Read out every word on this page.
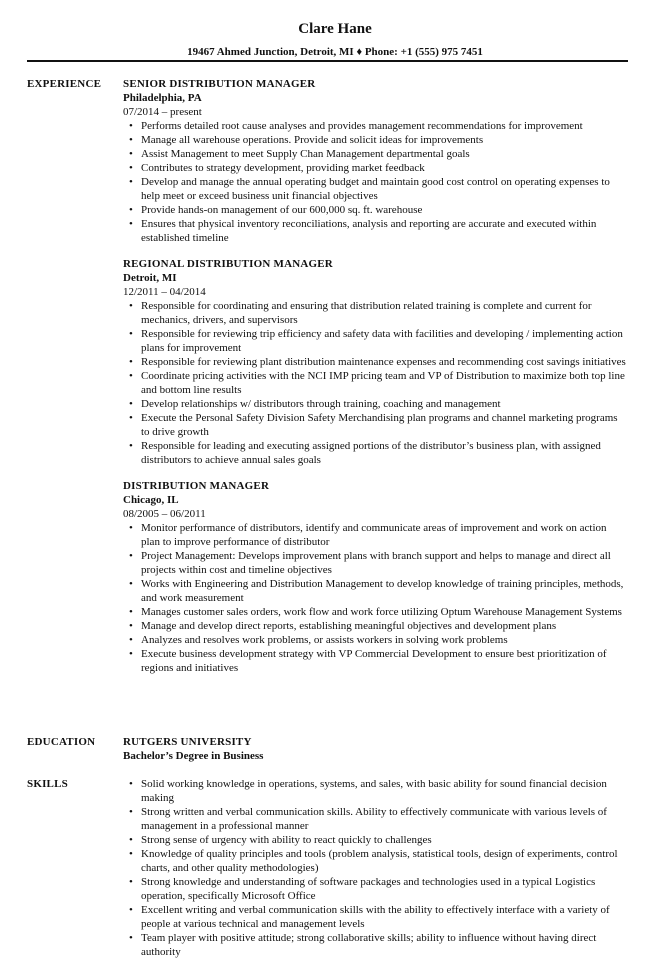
Clare Hane
19467 Ahmed Junction, Detroit, MI ♦ Phone: +1 (555) 975 7451
EXPERIENCE	SENIOR DISTRIBUTION MANAGER
Philadelphia, PA
07/2014 – present
• Performs detailed root cause analyses and provides management recommendations for improvement
• Manage all warehouse operations. Provide and solicit ideas for improvements
• Assist Management to meet Supply Chan Management departmental goals
• Contributes to strategy development, providing market feedback
• Develop and manage the annual operating budget and maintain good cost control on operating expenses to help meet or exceed business unit financial objectives
• Provide hands-on management of our 600,000 sq. ft. warehouse
• Ensures that physical inventory reconciliations, analysis and reporting are accurate and executed within established timeline
REGIONAL DISTRIBUTION MANAGER
Detroit, MI
12/2011 – 04/2014
• Responsible for coordinating and ensuring that distribution related training is complete and current for mechanics, drivers, and supervisors
• Responsible for reviewing trip efficiency and safety data with facilities and developing / implementing action plans for improvement
• Responsible for reviewing plant distribution maintenance expenses and recommending cost savings initiatives
• Coordinate pricing activities with the NCI IMP pricing team and VP of Distribution to maximize both top line and bottom line results
• Develop relationships w/ distributors through training, coaching and management
• Execute the Personal Safety Division Safety Merchandising plan programs and channel marketing programs to drive growth
• Responsible for leading and executing assigned portions of the distributor’s business plan, with assigned distributors to achieve annual sales goals
DISTRIBUTION MANAGER
Chicago, IL
08/2005 – 06/2011
• Monitor performance of distributors, identify and communicate areas of improvement and work on action plan to improve performance of distributor
• Project Management: Develops improvement plans with branch support and helps to manage and direct all projects within cost and timeline objectives
• Works with Engineering and Distribution Management to develop knowledge of training principles, methods, and work measurement
• Manages customer sales orders, work flow and work force utilizing Optum Warehouse Management Systems
• Manage and develop direct reports, establishing meaningful objectives and development plans
• Analyzes and resolves work problems, or assists workers in solving work problems
• Execute business development strategy with VP Commercial Development to ensure best prioritization of regions and initiatives
EDUCATION	RUTGERS UNIVERSITY
Bachelor’s Degree in Business
SKILLS
•	Solid working knowledge in operations, systems, and sales, with basic ability for sound financial decision making
• Strong written and verbal communication skills. Ability to effectively communicate with various levels of management in a professional manner
• Strong sense of urgency with ability to react quickly to challenges
• Knowledge of quality principles and tools (problem analysis, statistical tools, design of experiments, control charts, and other quality methodologies)
• Strong knowledge and understanding of software packages and technologies used in a typical Logistics operation, specifically Microsoft Office
• Excellent writing and verbal communication skills with the ability to effectively interface with a variety of people at various technical and management levels
• Team player with positive attitude; strong collaborative skills; ability to influence without having direct authority
